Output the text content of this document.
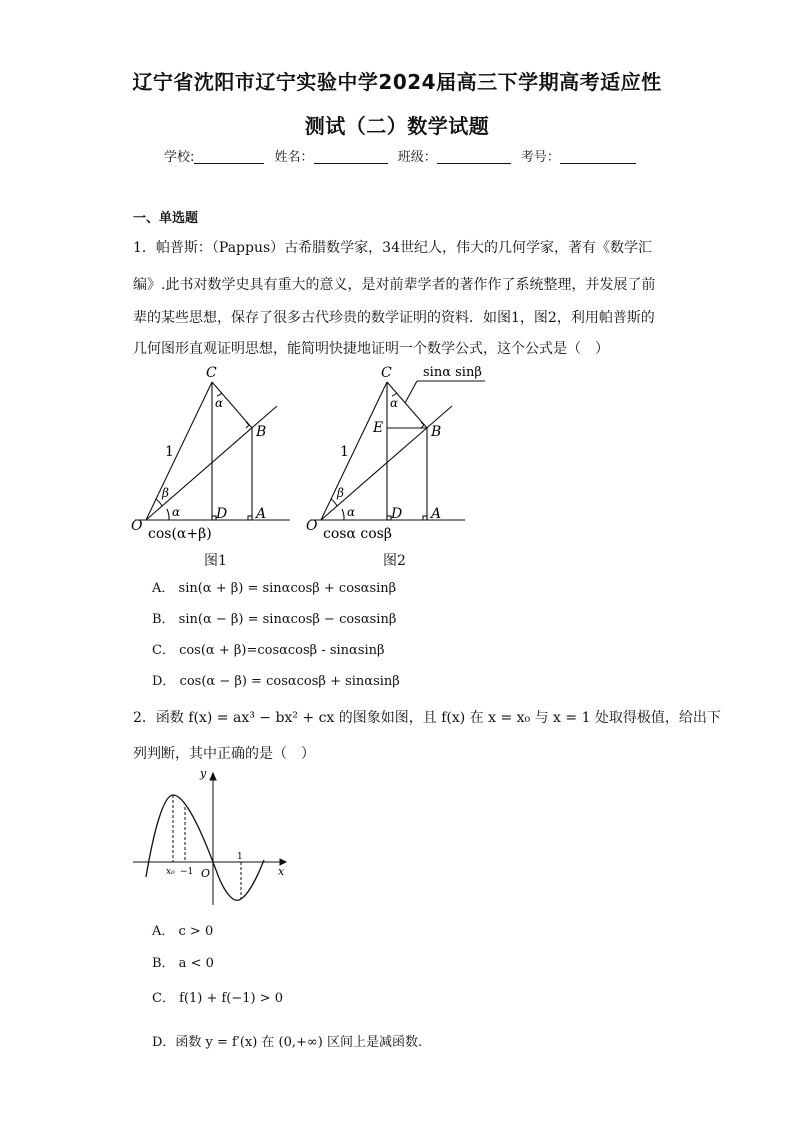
辽宁省沈阳市辽宁实验中学2024届高三下学期高考适应性
测试（二）数学试题
学校:	姓名：	班级：	考号：
一、单选题
1．帕普斯：（Pappus）古希腊数学家，34世纪人，伟大的几何学家，著有《数学汇
编》.此书对数学史具有重大的意义，是对前辈学者的著作作了系统整理，并发展了前
辈的某些思想，保存了很多古代珍贵的数学证明的资料．如图1，图2，利用帕普斯的
几何图形直观证明思想，能简明快捷地证明一个数学公式，这个公式是（　）
C
B
O
D A
1
α
β
α
cos(α+β)
图1
C
B
E
O
D A
1
α
β
α
sinα sinβ
cosα cosβ
图2
A． sin(α + β) = sinαcosβ + cosαsinβ
B． sin(α − β) = sinαcosβ − cosαsinβ
C． cos(α + β)=cosαcosβ - sinαsinβ
D． cos(α − β) = cosαcosβ + sinαsinβ
2．函数 f(x) = ax³ − bx² + cx 的图象如图，且 f(x) 在 x = x₀ 与 x = 1 处取得极值，给出下
列判断，其中正确的是（　）
y
x
O
x₀ −1
1
A． c > 0
B． a < 0
C． f(1) + f(−1) > 0
D．函数 y = f′(x) 在 (0,+∞) 区间上是减函数.
